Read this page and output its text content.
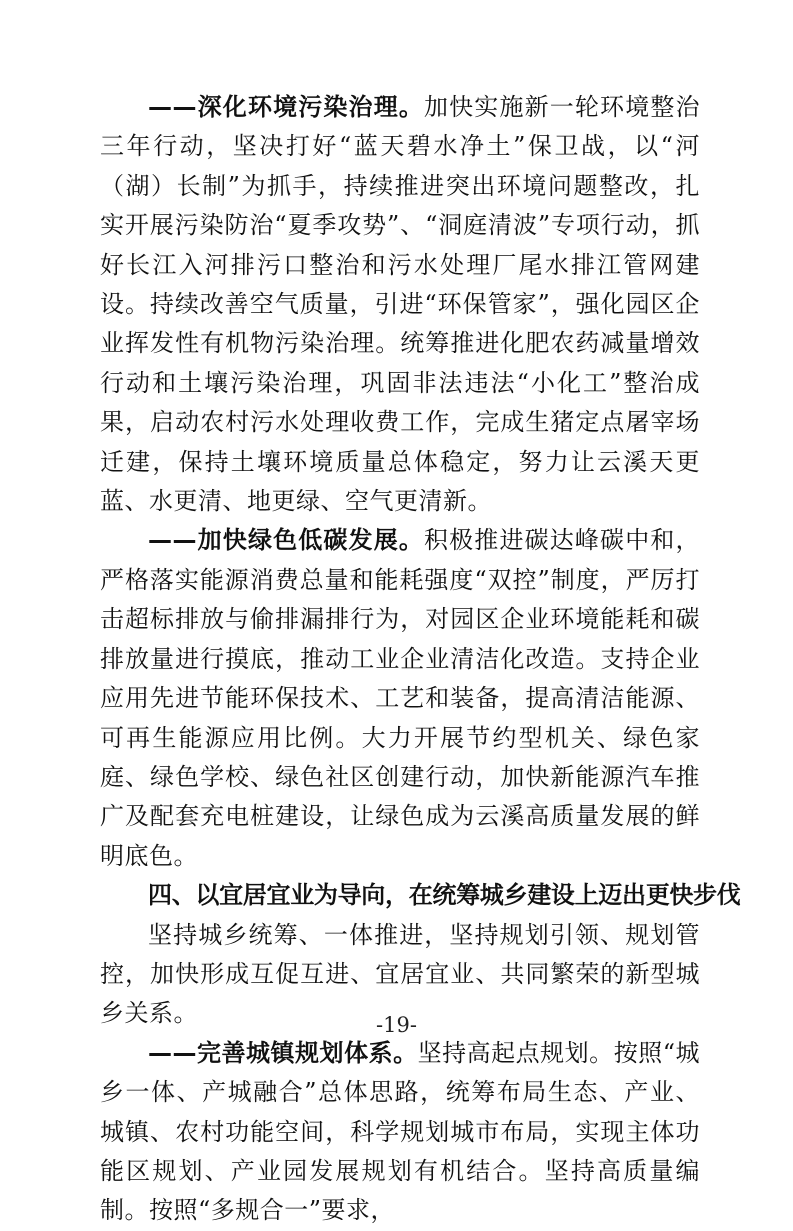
——深化环境污染治理。加快实施新一轮环境整治三年行动，坚决打好“蓝天碧水净土”保卫战，以“河（湖）长制”为抓手，持续推进突出环境问题整改，扎实开展污染防治“夏季攻势”、“洞庭清波”专项行动，抓好长江入河排污口整治和污水处理厂尾水排江管网建设。持续改善空气质量，引进“环保管家”，强化园区企业挥发性有机物污染治理。统筹推进化肥农药减量增效行动和土壤污染治理，巩固非法违法“小化工”整治成果，启动农村污水处理收费工作，完成生猪定点屠宰场迁建，保持土壤环境质量总体稳定，努力让云溪天更蓝、水更清、地更绿、空气更清新。

——加快绿色低碳发展。积极推进碳达峰碳中和，严格落实能源消费总量和能耗强度“双控”制度，严厉打击超标排放与偷排漏排行为，对园区企业环境能耗和碳排放量进行摸底，推动工业企业清洁化改造。支持企业应用先进节能环保技术、工艺和装备，提高清洁能源、可再生能源应用比例。大力开展节约型机关、绿色家庭、绿色学校、绿色社区创建行动，加快新能源汽车推广及配套充电桩建设，让绿色成为云溪高质量发展的鲜明底色。

四、以宜居宜业为导向，在统筹城乡建设上迈出更快步伐

坚持城乡统筹、一体推进，坚持规划引领、规划管控，加快形成互促互进、宜居宜业、共同繁荣的新型城乡关系。

——完善城镇规划体系。坚持高起点规划。按照“城乡一体、产城融合”总体思路，统筹布局生态、产业、城镇、农村功能空间，科学规划城市布局，实现主体功能区规划、产业园发展规划有机结合。坚持高质量编制。按照“多规合一”要求，

-19-
